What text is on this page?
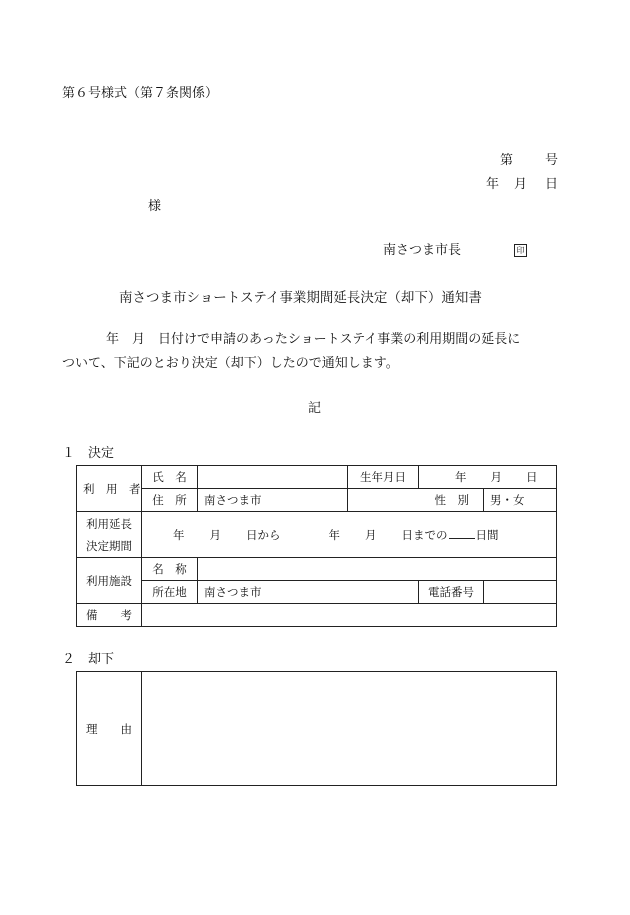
第６号様式（第７条関係）
第 号
年 月 日
様
南さつま市長	印
南さつま市ショートステイ事業期間延長決定（却下）通知書
年　月　日付けで申請のあったショートステイ事業の利用期間の延長に
ついて、下記のとおり決定（却下）したので通知します。
記
１　決定
利　用　者	氏　名		生年月日	年 月 日	
	住　所	南さつま市	性　別		男・女

利用延長
決定期間	年 月 日から 年 月 日までの 日間				
利用施設	名　称				
	所在地	南さつま市		電話番号	
備　　考					
２　却下
理　　由	
